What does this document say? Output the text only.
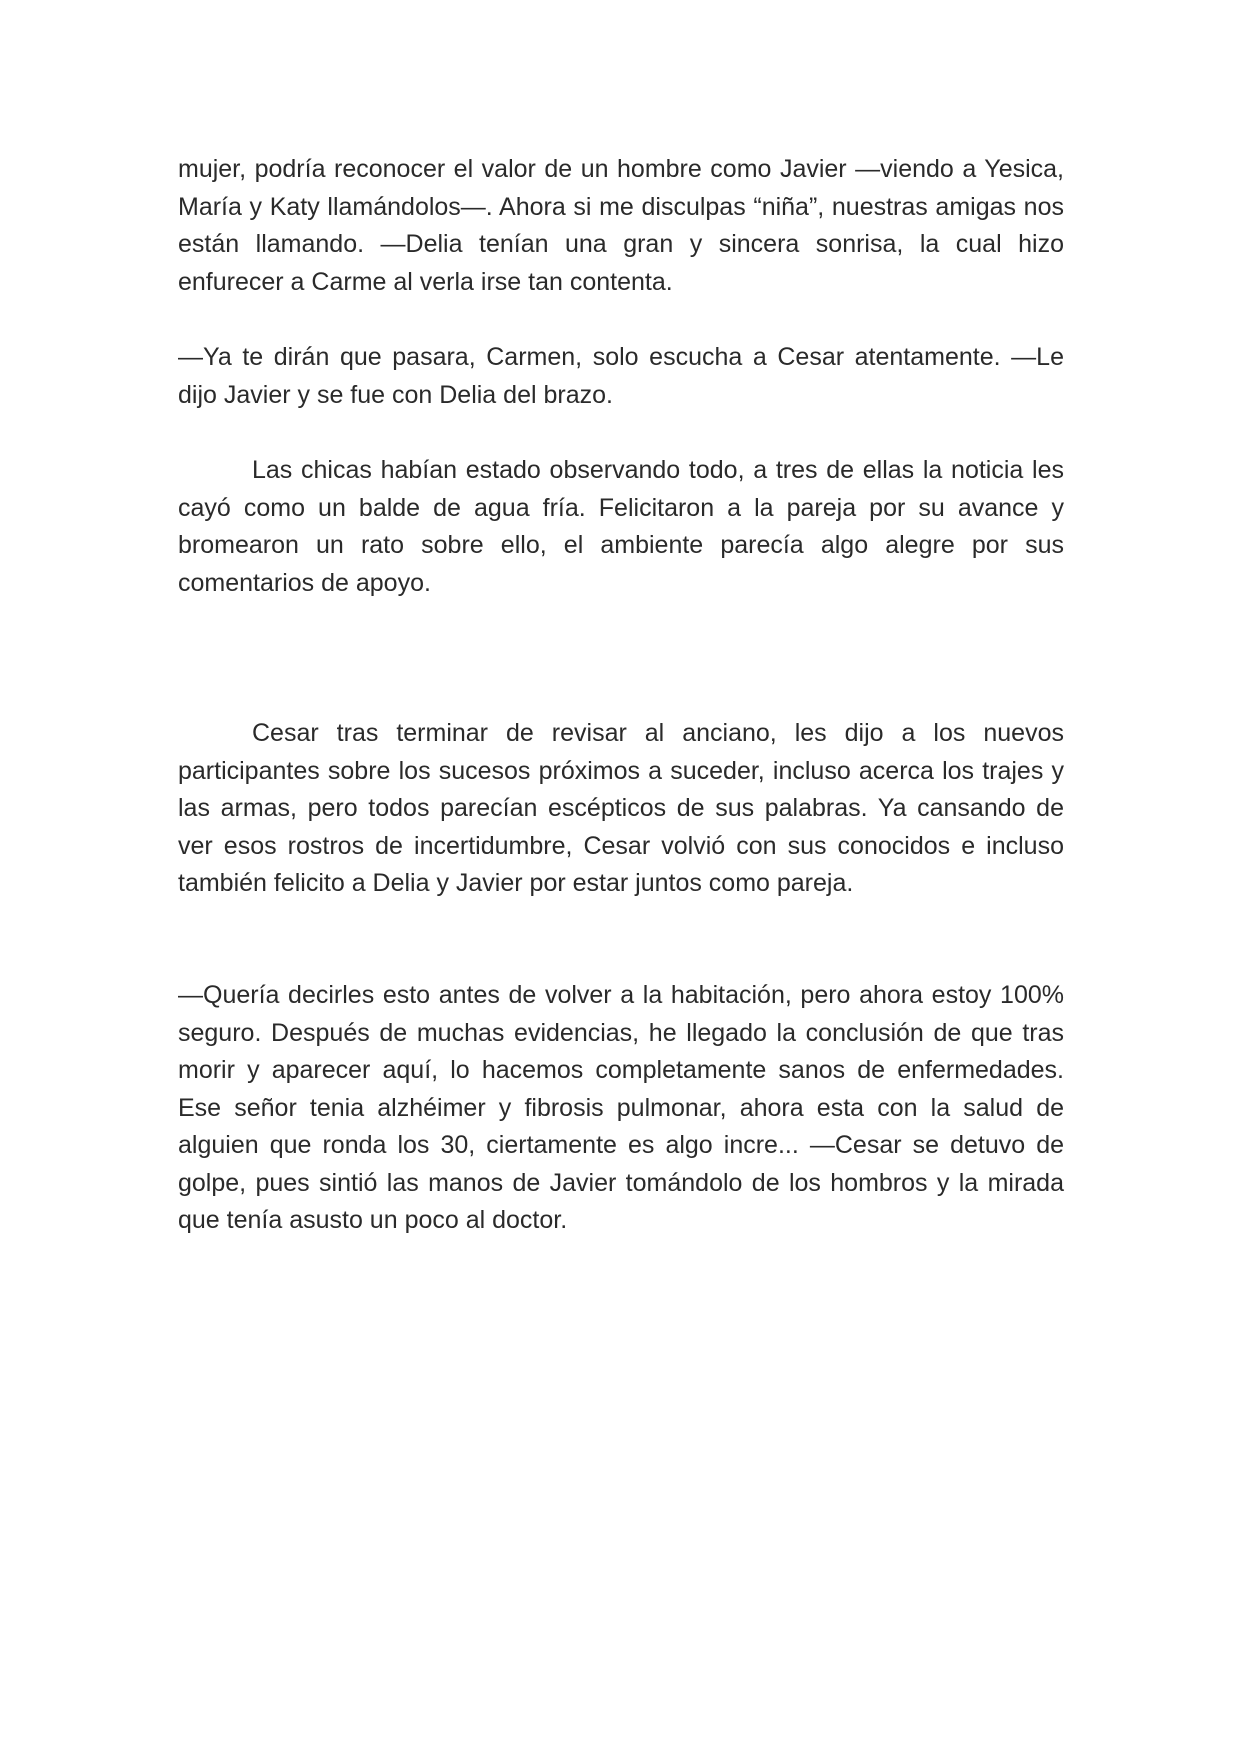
mujer, podría reconocer el valor de un hombre como Javier —viendo a Yesica, María y Katy llamándolos—. Ahora si me disculpas “niña”, nuestras amigas nos están llamando. —Delia tenían una gran y sincera sonrisa, la cual hizo enfurecer a Carme al verla irse tan contenta.

—Ya te dirán que pasara, Carmen, solo escucha a Cesar atentamente. —Le dijo Javier y se fue con Delia del brazo.

Las chicas habían estado observando todo, a tres de ellas la noticia les cayó como un balde de agua fría. Felicitaron a la pareja por su avance y bromearon un rato sobre ello, el ambiente parecía algo alegre por sus comentarios de apoyo.

Cesar tras terminar de revisar al anciano, les dijo a los nuevos participantes sobre los sucesos próximos a suceder, incluso acerca los trajes y las armas, pero todos parecían escépticos de sus palabras. Ya cansando de ver esos rostros de incertidumbre, Cesar volvió con sus conocidos e incluso también felicito a Delia y Javier por estar juntos como pareja.

—Quería decirles esto antes de volver a la habitación, pero ahora estoy 100% seguro. Después de muchas evidencias, he llegado la conclusión de que tras morir y aparecer aquí, lo hacemos completamente sanos de enfermedades. Ese señor tenia alzhéimer y fibrosis pulmonar, ahora esta con la salud de alguien que ronda los 30, ciertamente es algo incre... —Cesar se detuvo de golpe, pues sintió las manos de Javier tomándolo de los hombros y la mirada que tenía asusto un poco al doctor.
